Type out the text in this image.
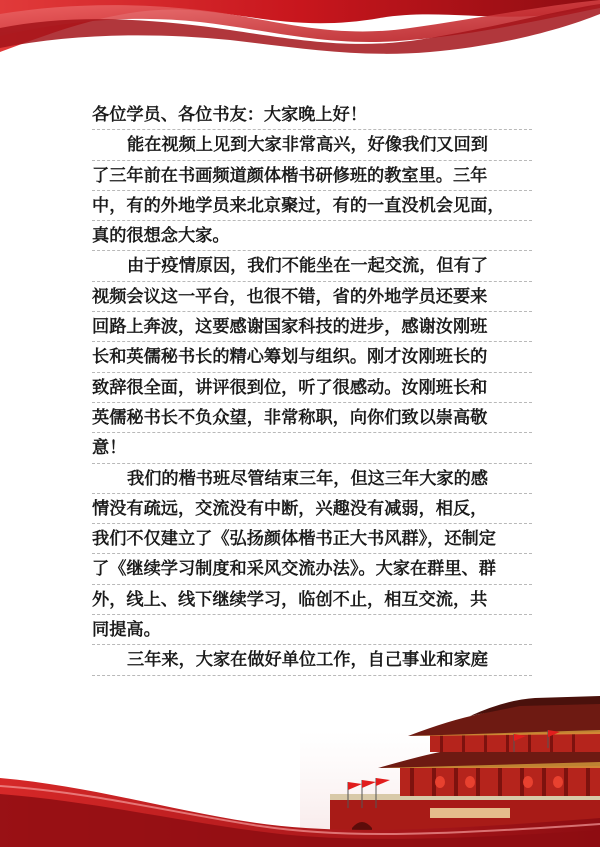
各位学员、各位书友：大家晚上好！
能在视频上见到大家非常高兴，好像我们又回到
了三年前在书画频道颜体楷书研修班的教室里。三年
中，有的外地学员来北京聚过，有的一直没机会见面，
真的很想念大家。
由于疫情原因，我们不能坐在一起交流，但有了
视频会议这一平台，也很不错，省的外地学员还要来
回路上奔波，这要感谢国家科技的进步，感谢汝刚班
长和英儒秘书长的精心筹划与组织。刚才汝刚班长的
致辞很全面，讲评很到位，听了很感动。汝刚班长和
英儒秘书长不负众望，非常称职，向你们致以崇高敬
意！
我们的楷书班尽管结束三年，但这三年大家的感
情没有疏远，交流没有中断，兴趣没有减弱，相反，
我们不仅建立了《弘扬颜体楷书正大书风群》，还制定
了《继续学习制度和采风交流办法》。大家在群里、群
外，线上、线下继续学习，临创不止，相互交流，共
同提高。
三年来，大家在做好单位工作，自己事业和家庭
